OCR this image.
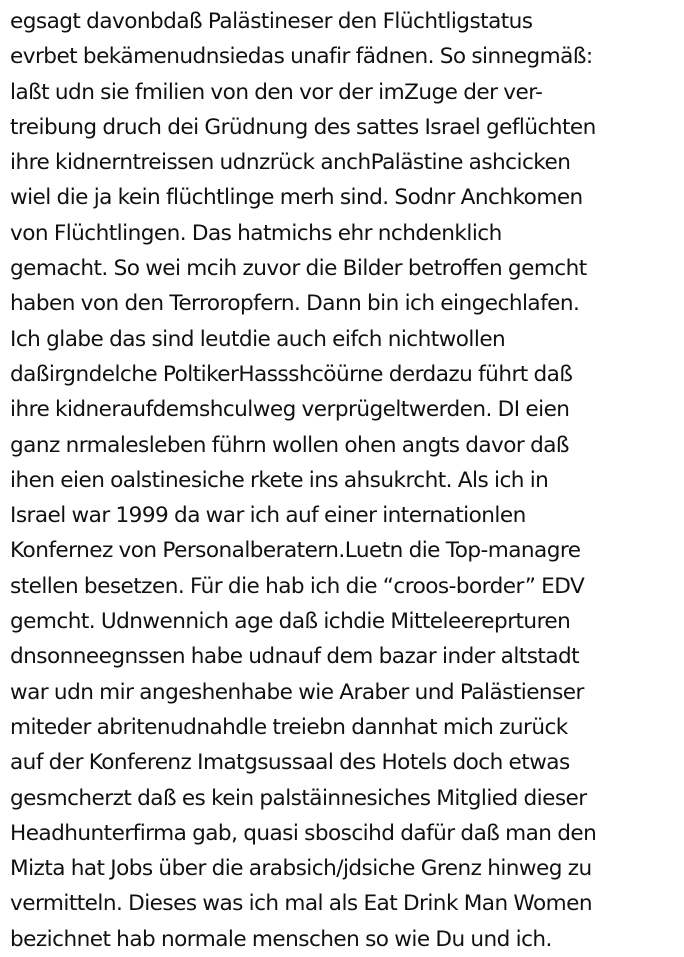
egsagt davonbdaß Palästineser den Flüchtligstatus
evrbet bekämenudnsiedas unafir fädnen. So sinnegmäß:
laßt udn sie fmilien von den vor der imZuge der ver-
treibung druch dei Grüdnung des sattes Israel geflüchten
ihre kidnerntreissen udnzrück anchPalästine ashcicken
wiel die ja kein flüchtlinge merh sind. Sodnr Anchkomen
von Flüchtlingen. Das hatmichs ehr nchdenklich
gemacht. So wei mcih zuvor die Bilder betroffen gemcht
haben von den Terroropfern. Dann bin ich eingechlafen.
Ich glabe das sind leutdie auch eifch nichtwollen
daßirgndelche PoltikerHassshcöürne derdazu führt daß
ihre kidneraufdemshculweg verprügeltwerden. DI eien
ganz nrmalesleben führn wollen ohen angts davor daß
ihen eien oalstinesiche rkete ins ahsukrcht. Als ich in
Israel war 1999 da war ich auf einer internationlen
Konfernez von Personalberatern.Luetn die Top-managre
stellen besetzen. Für die hab ich die “croos-border” EDV
gemcht. Udnwennich age daß ichdie Mitteleereprturen
dnsonneegnssen habe udnauf dem bazar inder altstadt
war udn mir angeshenhabe wie Araber und Palästienser
miteder abritenudnahdle treiebn dannhat mich zurück
auf der Konferenz Imatgsussaal des Hotels doch etwas
gesmcherzt daß es kein palstäinnesiches Mitglied dieser
Headhunterfirma gab, quasi sboscihd dafür daß man den
Mizta hat Jobs über die arabsich/jdsiche Grenz hinweg zu
vermitteln. Dieses was ich mal als Eat Drink Man Women
bezichnet hab normale menschen so wie Du und ich.
